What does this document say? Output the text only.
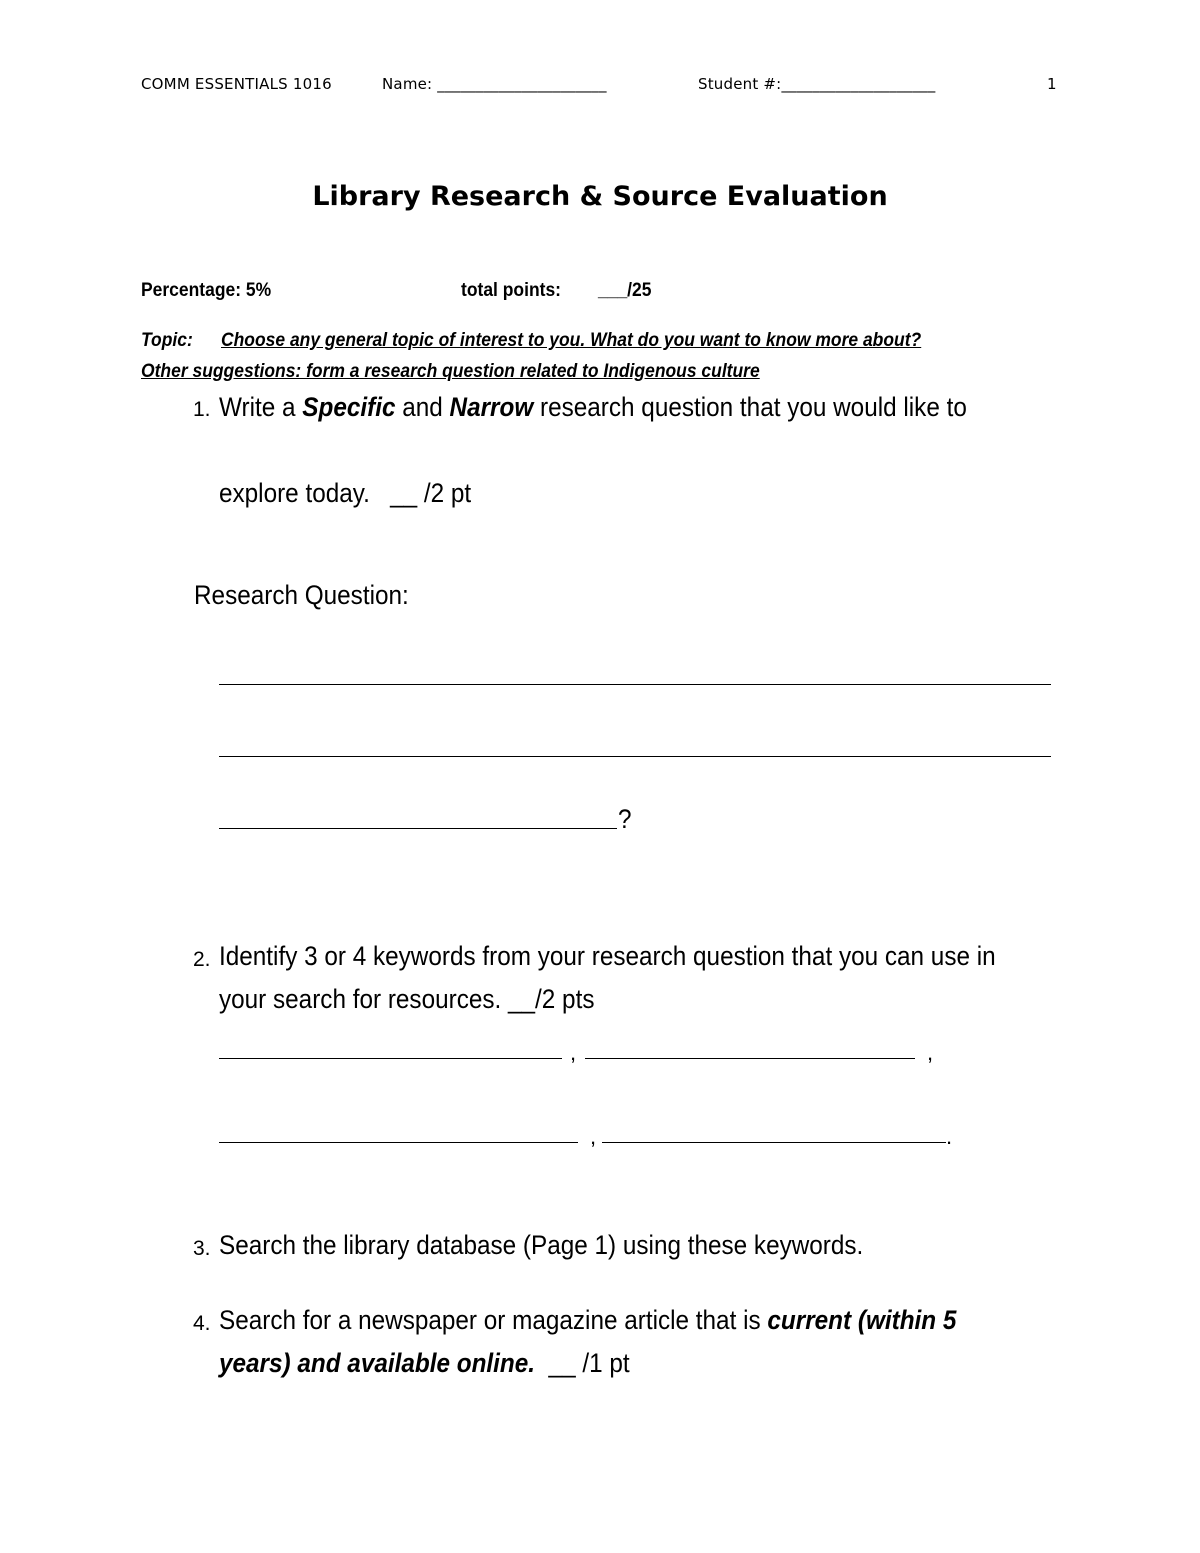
COMM ESSENTIALS 1016	Name: ______________________	Student #:____________________	1
Library Research & Source Evaluation
Percentage: 5%	total points: ___/25
Topic: Choose any general topic of interest to you. What do you want to know more about?
Other suggestions: form a research question related to Indigenous culture
1. Write a Specific and Narrow research question that you would like to
explore today. __ /2 pt
Research Question:
?
2. Identify 3 or 4 keywords from your research question that you can use in
your search for resources. __/2 pts
,	,
,	.
3. Search the library database (Page 1) using these keywords.
4. Search for a newspaper or magazine article that is current (within 5
years) and available online. __ /1 pt
